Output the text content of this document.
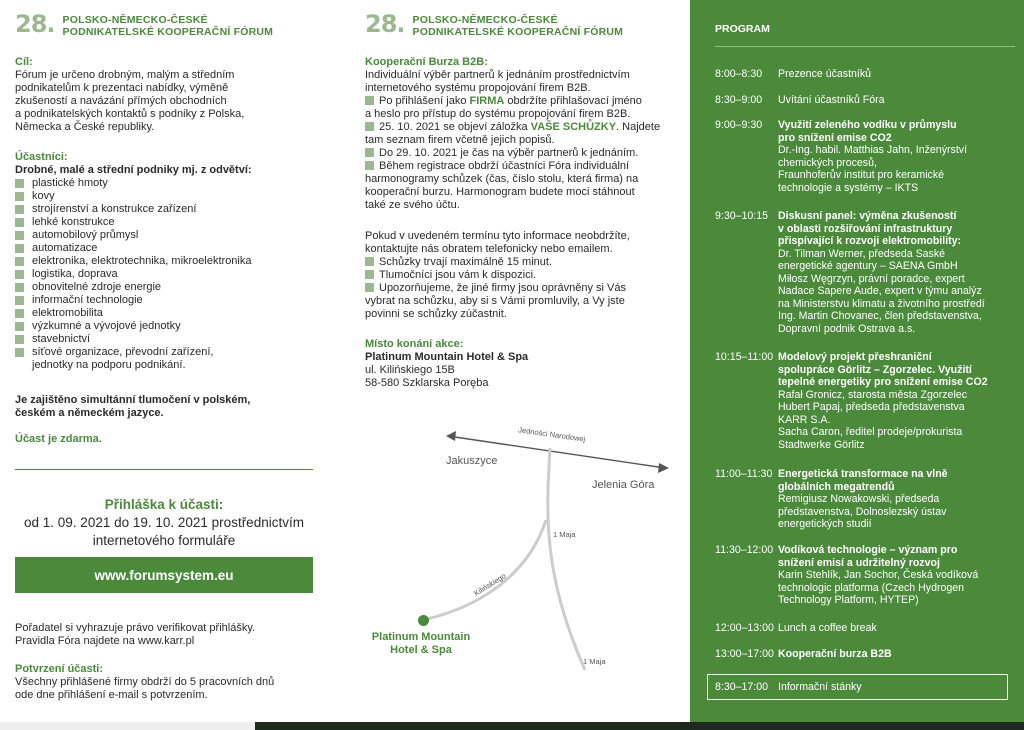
28. POLSKO-NĚMECKO-ČESKÉ
PODNIKATELSKÉ KOOPERAČNÍ FÓRUM
Cíl:
Fórum je určeno drobným, malým a středním
podnikatelům k prezentaci nabídky, výměně
zkušeností a navázání přímých obchodních
a podnikatelských kontaktů s podniky z Polska,
Německa a České republiky.
Účastníci:
Drobné, malé a střední podniky mj. z odvětví:
plastické hmoty
kovy
strojírenství a konstrukce zařízení
lehké konstrukce
automobilový průmysl
automatizace
elektronika, elektrotechnika, mikroelektronika
logistika, doprava
obnovitelné zdroje energie
informační technologie
elektromobilita
výzkumné a vývojové jednotky
stavebnictví
síťové organizace, převodní zařízení,
jednotky na podporu podnikání.
Je zajištěno simultánní tlumočení v polském,
českém a německém jazyce.
Účast je zdarma.
Přihláška k účasti:
od 1. 09. 2021 do 19. 10. 2021 prostřednictvím
internetového formuláře
www.forumsystem.eu
Pořadatel si vyhrazuje právo verifikovat přihlášky.
Pravidla Fóra najdete na www.karr.pl
Potvrzení účasti:
Všechny přihlášené firmy obdrží do 5 pracovních dnů
ode dne přihlášení e-mail s potvrzením.
28. POLSKO-NĚMECKO-ČESKÉ
PODNIKATELSKÉ KOOPERAČNÍ FÓRUM
Kooperační Burza B2B:
Individuální výběr partnerů k jednáním prostřednictvím
internetového systému propojování firem B2B.
Po přihlášení jako FIRMA obdržíte přihlašovací jméno
a heslo pro přístup do systému propojování firem B2B.
25. 10. 2021 se objeví záložka VAŠE SCHŮZKY. Najdete
tam seznam firem včetně jejich popisů.
Do 29. 10. 2021 je čas na výběr partnerů k jednáním.
Během registrace obdrží účastníci Fóra individuální
harmonogramy schůzek (čas, číslo stolu, která firma) na
kooperační burzu. Harmonogram budete moci stáhnout
také ze svého účtu.
Pokud v uvedeném termínu tyto informace neobdržíte,
kontaktujte nás obratem telefonicky nebo emailem.
Schůzky trvají maximálně 15 minut.
Tlumočníci jsou vám k dispozici.
Upozorňujeme, že jiné firmy jsou oprávněny si Vás
vybrat na schůzku, aby si s Vámi promluvily, a Vy jste
povinni se schůzky zúčastnit.
Místo konání akce:
Platinum Mountain Hotel & Spa
ul. Kilińskiego 15B
58-580 Szklarska Poręba
Jedności Narodowej
Jakuszyce
Jelenia Góra
1 Maja
1 Maja
Kilińskiego
Platinum Mountain
Hotel & Spa
PROGRAM
8:00–8:30	Prezence účastníků
8:30–9:00	Uvítání účastníků Fóra
9:00–9:30	Využití zeleného vodíku v průmyslu
pro snížení emise CO2
Dr.-Ing. habil. Matthias Jahn, Inženýrství
chemických procesů,
Fraunhoferův institut pro keramické
technologie a systémy – IKTS
9:30–10:15 Diskusní panel: výměna zkušeností
v oblasti rozšiřování infrastruktury
přispívající k rozvoji elektromobility:
Dr. Tilman Werner, předseda Saské
energetické agentury – SAENA GmbH
Miłosz Węgrzyn, právní poradce, expert
Nadace Sapere Aude, expert v týmu analýz
na Ministerstvu klimatu a životního prostředí
Ing. Martin Chovanec, člen představenstva,
Dopravní podnik Ostrava a.s.
10:15–11:00 Modelový projekt přeshraniční
spolupráce Görlitz – Zgorzelec. Využití
tepelné energetiky pro snížení emise CO2
Rafał Gronicz, starosta města Zgorzelec
Hubert Papaj, předseda představenstva
KARR S.A.
Sacha Caron, ředitel prodeje/prokurista
Stadtwerke Görlitz
11:00–11:30 Energetická transformace na vlně
globálních megatrendů
Remigiusz Nowakowski, předseda
představenstva, Dolnoslezský ústav
energetických studií
11:30–12:00 Vodíková technologie – význam pro
snížení emisí a udržitelný rozvoj
Karin Stehlík, Jan Sochor, Česká vodíková
technologic platforma (Czech Hydrogen
Technology Platform, HYTEP)
12:00–13:00 Lunch a coffee break
13:00–17:00 Kooperační burza B2B
8:30–17:00 Informační stánky
